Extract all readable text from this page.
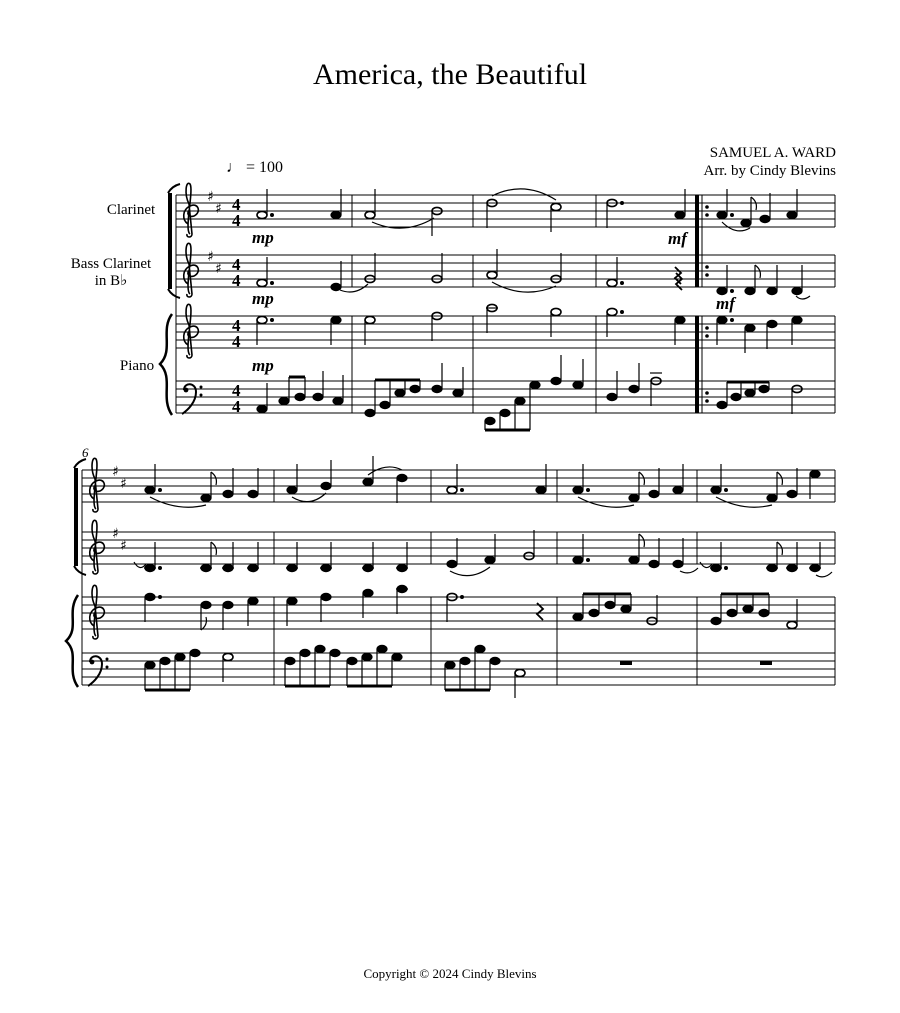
America, the Beautiful
SAMUEL A. WARD
Arr. by Cindy Blevins
♩ = 100
Clarinet
Bass Clarinet
in B♭
Piano
♯
♯
♯
♯
4
4
4
4
4
4
4
4
mp
mp
mp
mf
mf
6
♯
♯
♯
♯
Copyright © 2024 Cindy Blevins
